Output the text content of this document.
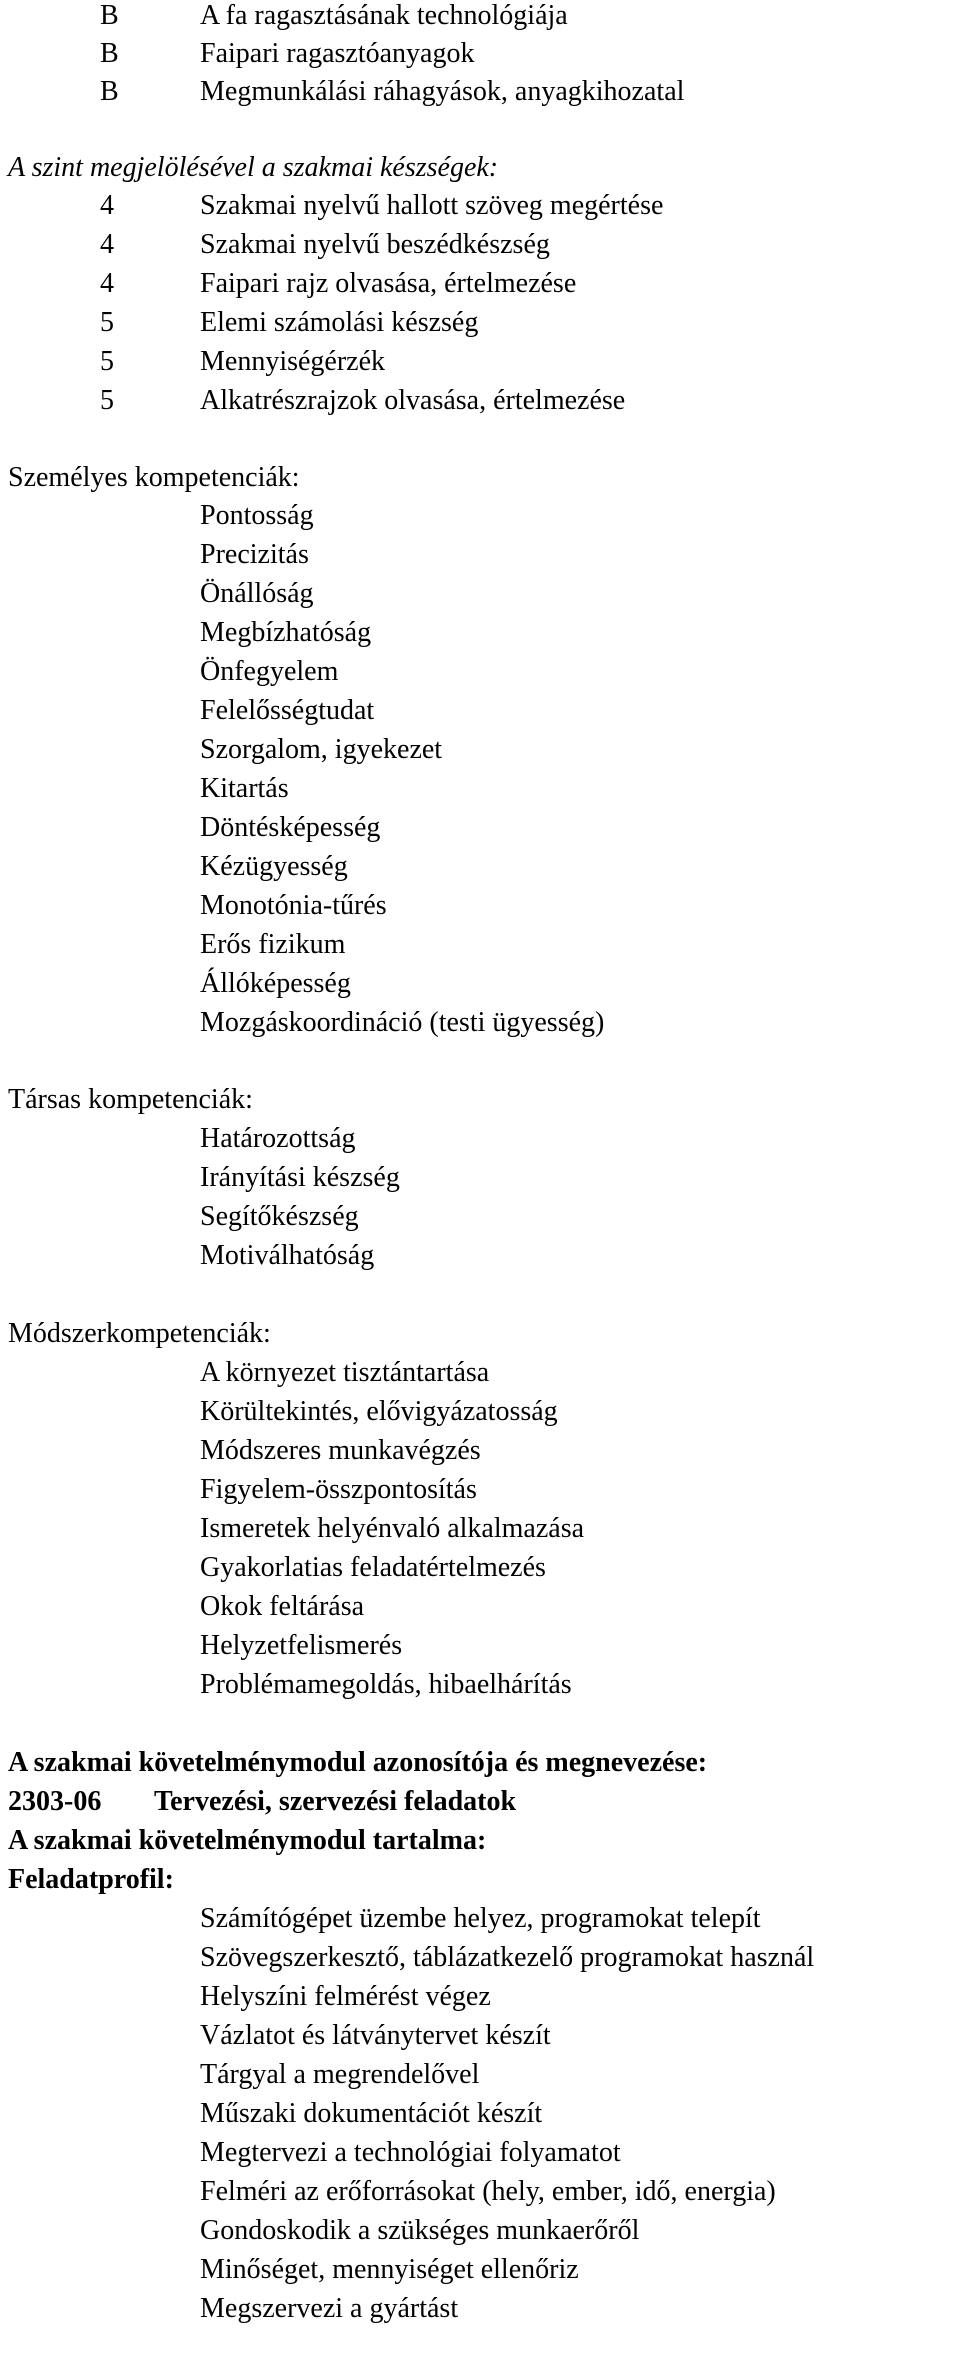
B	A fa ragasztásának technológiája
B	Faipari ragasztóanyagok
B	Megmunkálási ráhagyások, anyagkihozatal
A szint megjelölésével a szakmai készségek:
4	Szakmai nyelvű hallott szöveg megértése
4	Szakmai nyelvű beszédkészség
4	Faipari rajz olvasása, értelmezése
5	Elemi számolási készség
5	Mennyiségérzék
5	Alkatrészrajzok olvasása, értelmezése
Személyes kompetenciák:
Pontosság
Precizitás
Önállóság
Megbízhatóság
Önfegyelem
Felelősségtudat
Szorgalom, igyekezet
Kitartás
Döntésképesség
Kézügyesség
Monotónia-tűrés
Erős fizikum
Állóképesség
Mozgáskoordináció (testi ügyesség)
Társas kompetenciák:
Határozottság
Irányítási készség
Segítőkészség
Motiválhatóság
Módszerkompetenciák:
A környezet tisztántartása
Körültekintés, elővigyázatosság
Módszeres munkavégzés
Figyelem-összpontosítás
Ismeretek helyénvaló alkalmazása
Gyakorlatias feladatértelmezés
Okok feltárása
Helyzetfelismerés
Problémamegoldás, hibaelhárítás
A szakmai követelménymodul azonosítója és megnevezése:
2303-06 Tervezési, szervezési feladatok
A szakmai követelménymodul tartalma:
Feladatprofil:
Számítógépet üzembe helyez, programokat telepít
Szövegszerkesztő, táblázatkezelő programokat használ
Helyszíni felmérést végez
Vázlatot és látványtervet készít
Tárgyal a megrendelővel
Műszaki dokumentációt készít
Megtervezi a technológiai folyamatot
Felméri az erőforrásokat (hely, ember, idő, energia)
Gondoskodik a szükséges munkaerőről
Minőséget, mennyiséget ellenőriz
Megszervezi a gyártást
